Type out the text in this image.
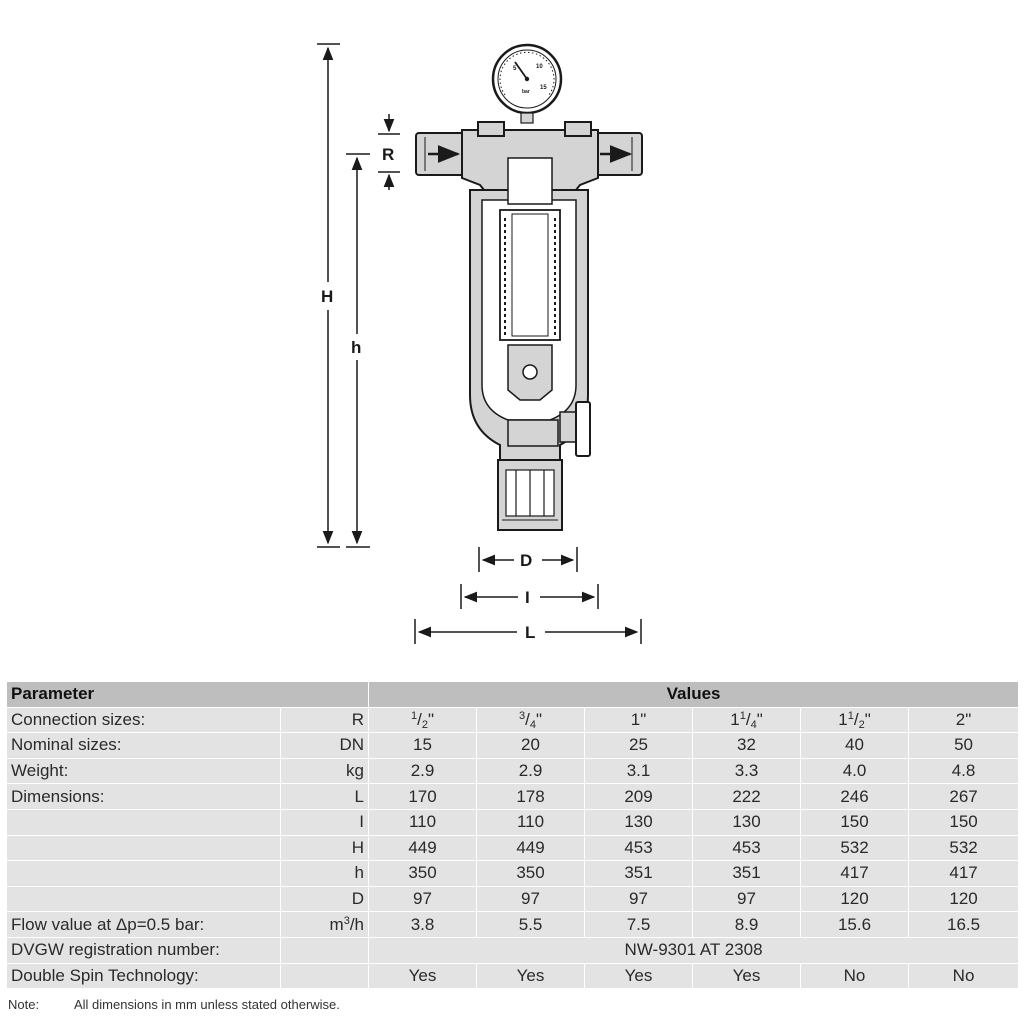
H
h
R
D
I
L
5	10
15
bar
Parameter		Values					
Connection sizes:	R	$^1/_2$"	$^3/_4$"	1"	$1^1/_4$"	$1^1/_2$"	2"
Nominal sizes:	DN	15	20	25	32	40	50
Weight:	kg	2.9	2.9	3.1	3.3	4.0	4.8
Dimensions:	L	170	178	209	222	246	267
	I	110	110	130	130	150	150
	H	449	449	453	453	532	532
	h	350	350	351	351	417	417
	D	97	97	97	97	120	120
Flow value at Δp=0.5 bar:	$m^3/h$	3.8	5.5	7.5	8.9	15.6	16.5
DVGW registration number:		NW-9301 AT 2308					
Double Spin Technology:		Yes	Yes	Yes	Yes	No	No
Note:	All dimensions in mm unless stated otherwise.
